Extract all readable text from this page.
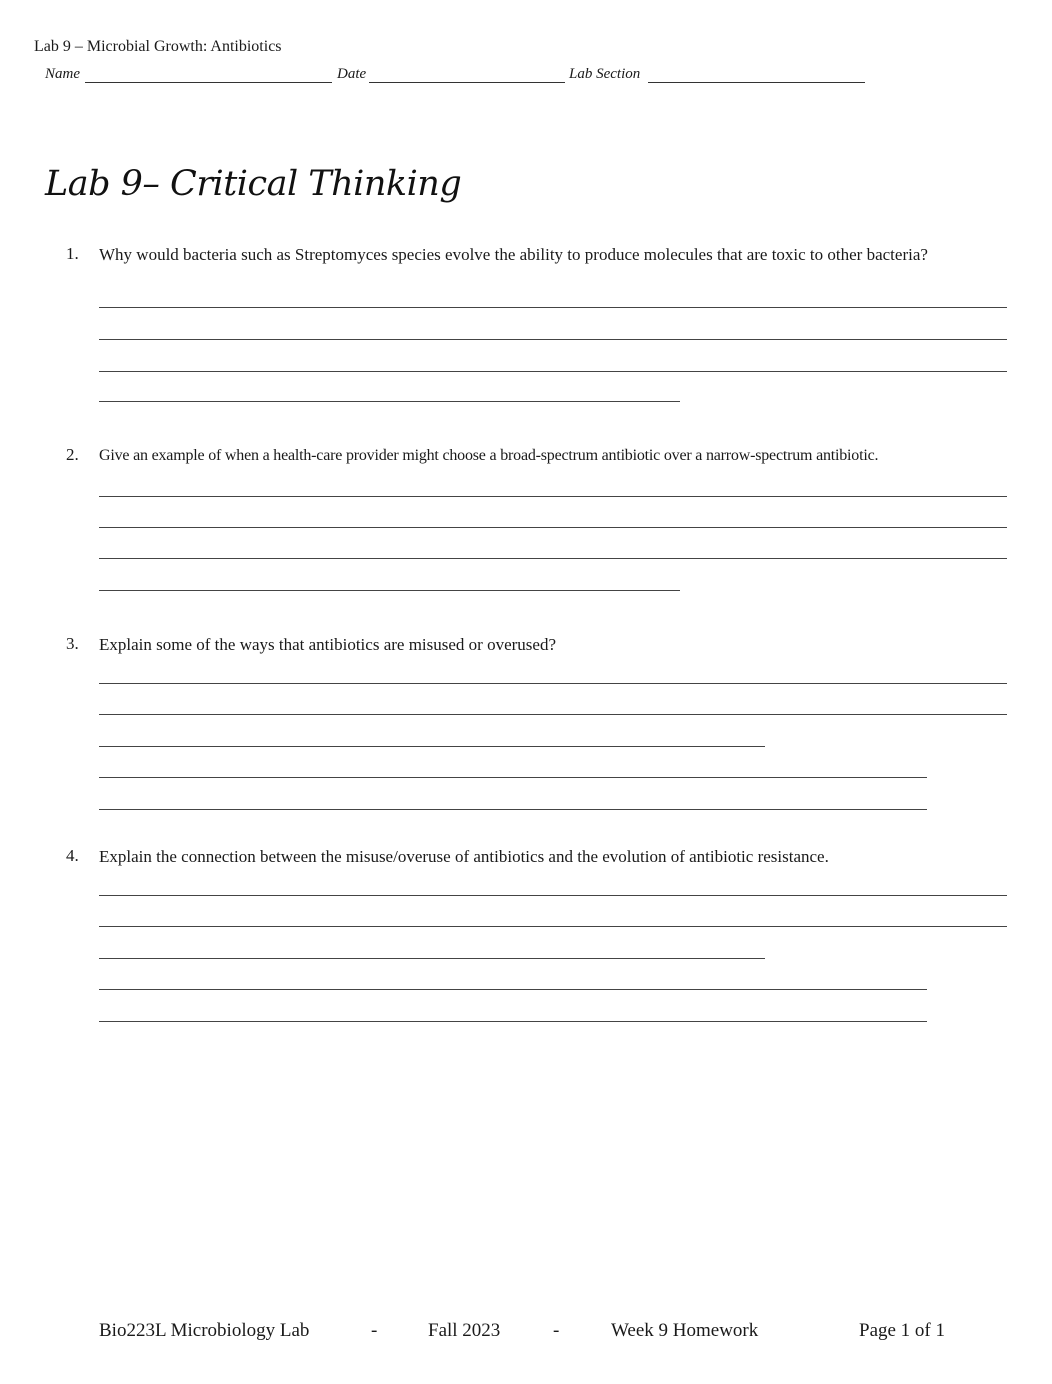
Lab 9 – Microbial Growth: Antibiotics
Name	Date	Lab Section
Lab 9– Critical Thinking
1. Why would bacteria such as Streptomyces species evolve the ability to produce molecules that are toxic to other bacteria?
2. Give an example of when a health-care provider might choose a broad-spectrum antibiotic over a narrow-spectrum antibiotic.
3. Explain some of the ways that antibiotics are misused or overused?
4. Explain the connection between the misuse/overuse of antibiotics and the evolution of antibiotic resistance.
Bio223L Microbiology Lab	-	Fall 2023	-	Week 9 Homework	Page 1 of 1
